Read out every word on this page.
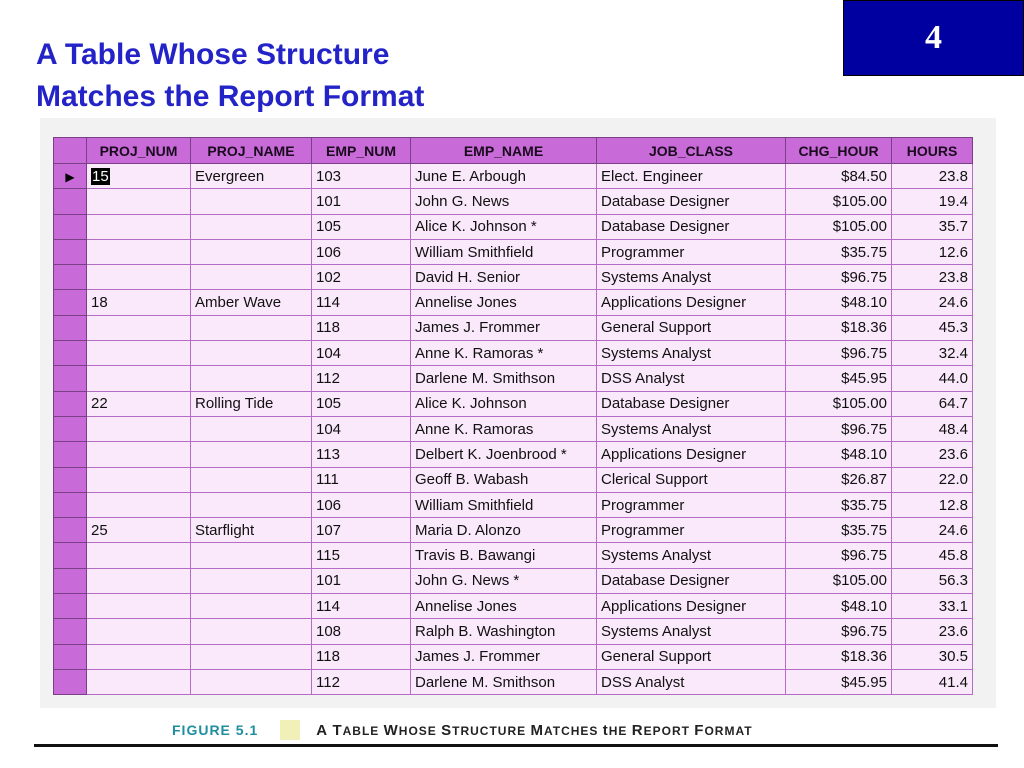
A Table Whose Structure
Matches the Report Format
4
	PROJ_NUM	PROJ_NAME	EMP_NUM	EMP_NAME	JOB_CLASS	CHG_HOUR	HOURS
▶	15	Evergreen	103	June E. Arbough	Elect. Engineer	$84.50	23.8
			101	John G. News	Database Designer	$105.00	19.4
			105	Alice K. Johnson *	Database Designer	$105.00	35.7
			106	William Smithfield	Programmer	$35.75	12.6
			102	David H. Senior	Systems Analyst	$96.75	23.8
	18	Amber Wave	114	Annelise Jones	Applications Designer	$48.10	24.6
			118	James J. Frommer	General Support	$18.36	45.3
			104	Anne K. Ramoras *	Systems Analyst	$96.75	32.4
			112	Darlene M. Smithson	DSS Analyst	$45.95	44.0
	22	Rolling Tide	105	Alice K. Johnson	Database Designer	$105.00	64.7
			104	Anne K. Ramoras	Systems Analyst	$96.75	48.4
			113	Delbert K. Joenbrood *	Applications Designer	$48.10	23.6
			111	Geoff B. Wabash	Clerical Support	$26.87	22.0
			106	William Smithfield	Programmer	$35.75	12.8
	25	Starflight	107	Maria D. Alonzo	Programmer	$35.75	24.6
			115	Travis B. Bawangi	Systems Analyst	$96.75	45.8
			101	John G. News *	Database Designer	$105.00	56.3
			114	Annelise Jones	Applications Designer	$48.10	33.1
			108	Ralph B. Washington	Systems Analyst	$96.75	23.6
			118	James J. Frommer	General Support	$18.36	30.5
			112	Darlene M. Smithson	DSS Analyst	$45.95	41.4
FIGURE 5.1	A TABLE WHOSE STRUCTURE MATCHES tHE REPORT FORMAT
